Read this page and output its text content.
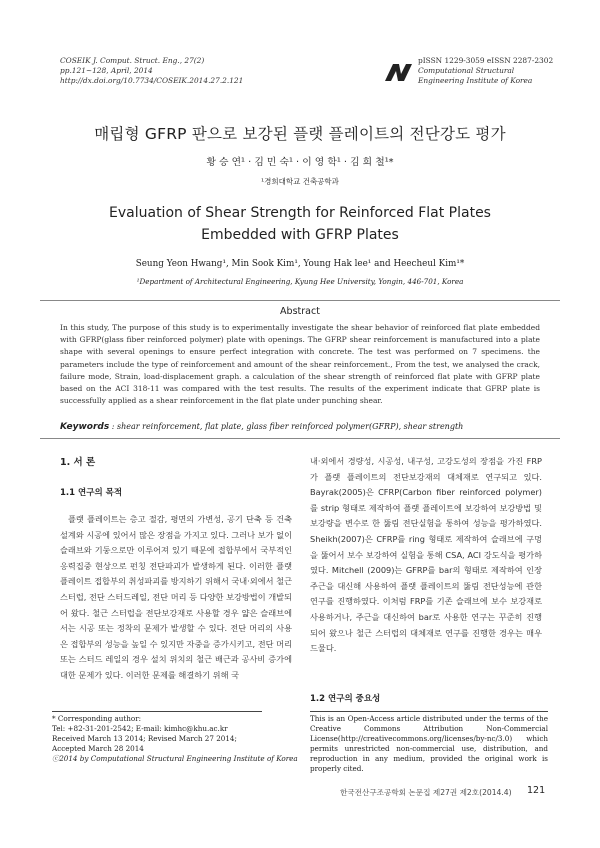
COSEIK J. Comput. Struct. Eng., 27(2)
pp.121~128, April, 2014
http://dx.doi.org/10.7734/COSEIK.2014.27.2.121
pISSN 1229-3059 eISSN 2287-2302
Computational Structural
Engineering Institute of Korea
매립형 GFRP 판으로 보강된 플랫 플레이트의 전단강도 평가
황 승 연¹ · 김 민 숙¹ · 이 영 학¹ · 김 희 철¹*
¹경희대학교 건축공학과
Evaluation of Shear Strength for Reinforced Flat Plates
Embedded with GFRP Plates
Seung Yeon Hwang¹, Min Sook Kim¹, Young Hak lee¹ and Heecheul Kim¹*
¹Department of Architectural Engineering, Kyung Hee University, Yongin, 446-701, Korea
Abstract
In this study, The purpose of this study is to experimentally investigate the shear behavior of reinforced flat plate embedded with GFRP(glass fiber reinforced polymer) plate with openings. The GFRP shear reinforcement is manufactured into a plate shape with several openings to ensure perfect integration with concrete. The test was performed on 7 specimens. the parameters include the type of reinforcement and amount of the shear reinforcement., From the test, we analysed the crack, failure mode, Strain, load-displacement graph. a calculation of the shear strength of reinforced flat plate with GFRP plate based on the ACI 318-11 was compared with the test results. The results of the experiment indicate that GFRP plate is successfully applied as a shear reinforcement in the flat plate under punching shear.
Keywords : shear reinforcement, flat plate, glass fiber reinforced polymer(GFRP), shear strength
1. 서 론
1.1 연구의 목적

플랫 플레이트는 층고 절감, 평면의 가변성, 공기 단축 등 건축 설계와 시공에 있어서 많은 장점을 가지고 있다. 그러나 보가 없이 슬래브와 기둥으로만 이루어져 있기 때문에 접합부에서 국부적인 응력집중 현상으로 펀칭 전단파괴가 발생하게 된다. 이러한 플랫 플레이트 접합부의 취성파괴를 방지하기 위해서 국내·외에서 철근 스터럽, 전단 스터드레일, 전단 머리 등 다양한 보강방법이 개발되어 왔다. 철근 스터럽을 전단보강재로 사용할 경우 얇은 슬래브에서는 시공 또는 정착의 문제가 발생할 수 있다. 전단 머리의 사용은 접합부의 성능을 높일 수 있지만 자중을 증가시키고, 전단 머리 또는 스터드 레일의 경우 설치 위치의 철근 배근과 공사비 증가에 대한 문제가 있다. 이러한 문제를 해결하기 위해 국

내·외에서 경량성, 시공성, 내구성, 고강도성의 장점을 가진 FRP가 플랫 플레이트의 전단보강재의 대체재로 연구되고 있다. Bayrak(2005)은 CFRP(Carbon fiber reinforced polymer)를 strip 형태로 제작하여 플랫 플레이트에 보강하여 보강방법 및 보강량을 변수로 한 뚫림 전단실험을 통하여 성능을 평가하였다. Sheikh(2007)은 CFRP를 ring 형태로 제작하여 슬래브에 구멍을 뚫어서 보수 보강하여 실험을 통해 CSA, ACI 강도식을 평가하였다. Mitchell (2009)는 GFRP를 bar의 형태로 제작하여 인장 주근을 대신해 사용하여 플랫 플레이트의 뚫림 전단성능에 관한 연구를 진행하였다. 이처럼 FRP를 기존 슬래브에 보수 보강재로 사용하거나, 주근을 대신하여 bar로 사용한 연구는 꾸준히 진행되어 왔으나 철근 스터럽의 대체재로 연구를 진행한 경우는 매우 드물다.

1.2 연구의 중요성
* Corresponding author:
Tel: +82-31-201-2542; E-mail: kimhc@khu.ac.kr
Received March 13 2014; Revised March 27 2014;
Accepted March 28 2014
ⓒ2014 by Computational Structural Engineering Institute of Korea
This is an Open-Access article distributed under the terms of the Creative Commons Attribution Non-Commercial License(http://creativecommons.org/licenses/by-nc/3.0) which permits unrestricted non-commercial use, distribution, and reproduction in any medium, provided the original work is properly cited.
한국전산구조공학회 논문집 제27권 제2호(2014.4) 121
